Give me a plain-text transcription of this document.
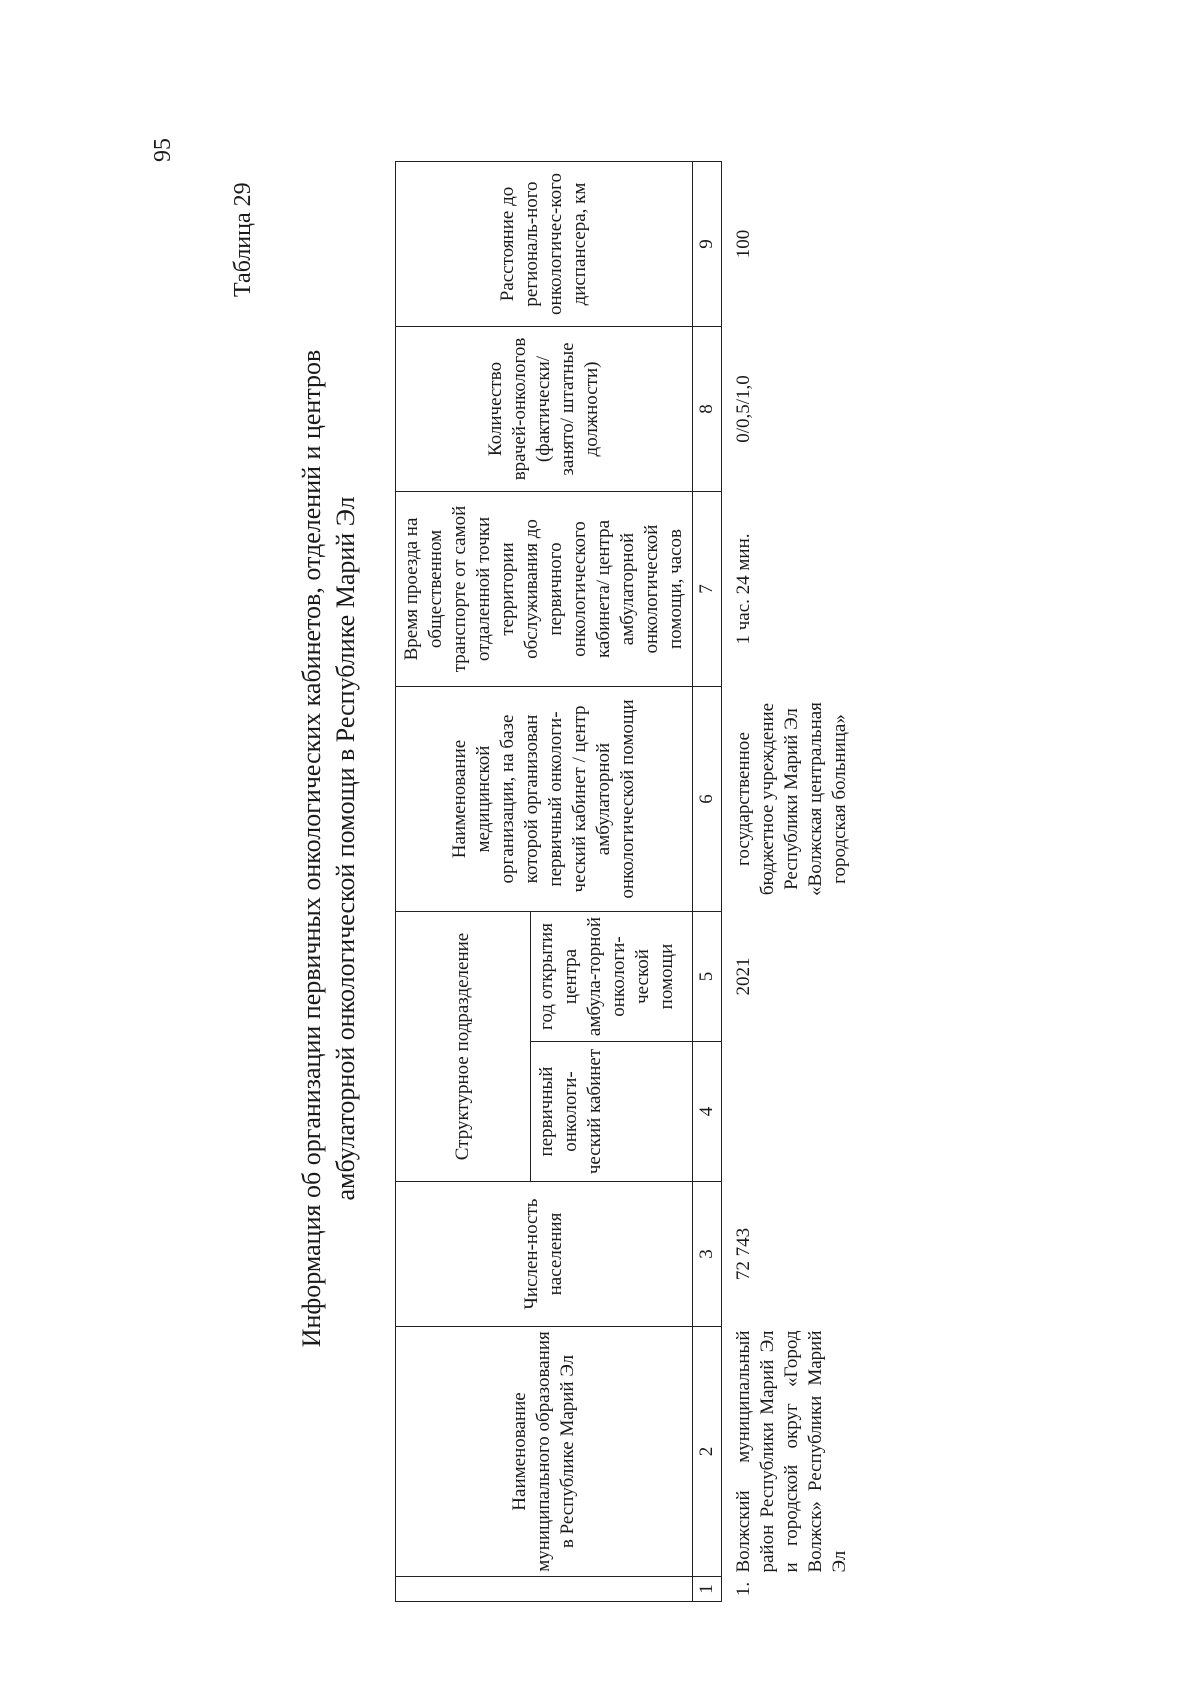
95
Таблица 29
Информация об организации первичных онкологических кабинетов, отделений и центров амбулаторной онкологической помощи в Республике Марий Эл
	Наименование муниципального образования в Республике Марий Эл	Числен-ность населения	Структурное подразделение		Наименование медицинской организации, на базе которой организован первичный онкологи-ческий кабинет / центр амбулаторной онкологической помощи	Время проезда на общественном транспорте от самой отдаленной точки территории обслуживания до первичного онкологического кабинета/ центра амбулаторной онкологической помощи, часов	Количество врачей-онкологов (фактически/ занято/ штатные должности)	Расстояние до региональ-ного онкологичес-кого диспансера, км
			первичный онкологи-ческий кабинет	год открытия центра амбула-торной онкологи-ческой помощи				
1	2	3	4	5	6	7	8	9
1.	Волжский муниципальный район Республики Марий Эл и городской округ «Город Волжск» Республики Марий Эл	72 743		2021	государственное бюджетное учреждение Республики Марий Эл «Волжская центральная городская больница»	1 час. 24 мин.	0/0,5/1,0	100
